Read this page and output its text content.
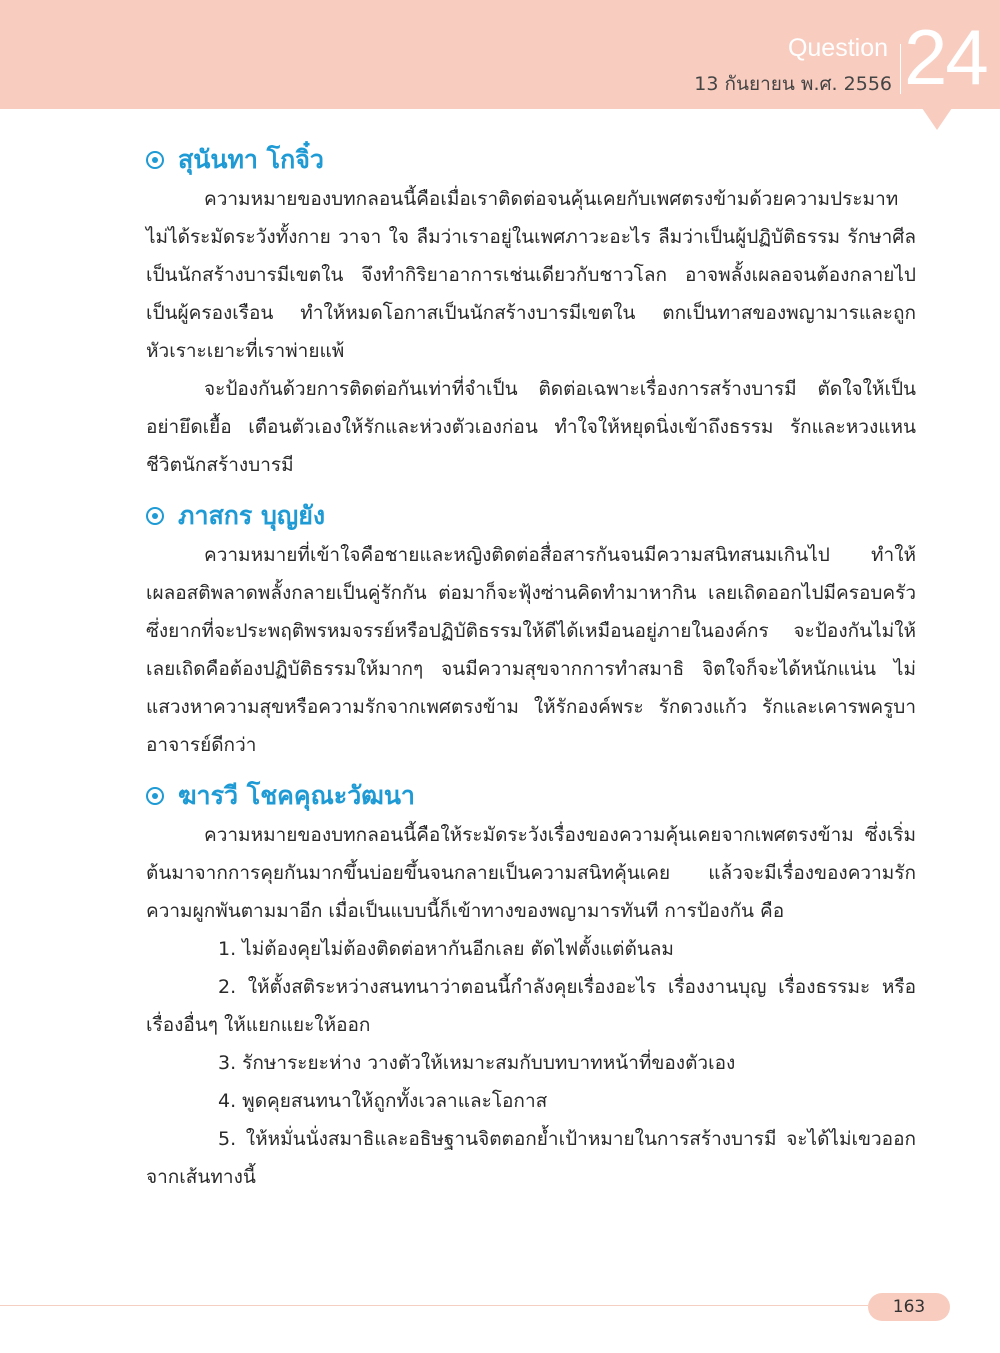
Question
13 กันยายน พ.ศ. 2556 24
สุนันทา โกจิ๋ว

ความหมายของบทกลอนนี้คือเมื่อเราติดต่อจนคุ้นเคยกับเพศตรงข้ามด้วยความประมาท ไม่ได้ระมัดระวังทั้งกาย วาจา ใจ ลืมว่าเราอยู่ในเพศภาวะอะไร ลืมว่าเป็นผู้ปฏิบัติธรรม รักษาศีล เป็นนักสร้างบารมีเขตใน จึงทำกิริยาอาการเช่นเดียวกับชาวโลก อาจพลั้งเผลอจนต้องกลายไปเป็นผู้ครองเรือน ทำให้หมดโอกาสเป็นนักสร้างบารมีเขตใน ตกเป็นทาสของพญามารและถูกหัวเราะเยาะที่เราพ่ายแพ้

จะป้องกันด้วยการติดต่อกันเท่าที่จำเป็น ติดต่อเฉพาะเรื่องการสร้างบารมี ตัดใจให้เป็น อย่ายึดเยื้อ เตือนตัวเองให้รักและห่วงตัวเองก่อน ทำใจให้หยุดนิ่งเข้าถึงธรรม รักและหวงแหนชีวิตนักสร้างบารมี

ภาสกร บุญยัง

ความหมายที่เข้าใจคือชายและหญิงติดต่อสื่อสารกันจนมีความสนิทสนมเกินไป ทำให้เผลอสติพลาดพลั้งกลายเป็นคู่รักกัน ต่อมาก็จะฟุ้งซ่านคิดทำมาหากิน เลยเถิดออกไปมีครอบครัว ซึ่งยากที่จะประพฤติพรหมจรรย์หรือปฏิบัติธรรมให้ดีได้เหมือนอยู่ภายในองค์กร จะป้องกันไม่ให้เลยเถิดคือต้องปฏิบัติธรรมให้มากๆ จนมีความสุขจากการทำสมาธิ จิตใจก็จะได้หนักแน่น ไม่แสวงหาความสุขหรือความรักจากเพศตรงข้าม ให้รักองค์พระ รักดวงแก้ว รักและเคารพครูบาอาจารย์ดีกว่า

ฆารวี โชคคุณะวัฒนา

ความหมายของบทกลอนนี้คือให้ระมัดระวังเรื่องของความคุ้นเคยจากเพศตรงข้าม ซึ่งเริ่มต้นมาจากการคุยกันมากขึ้นบ่อยขึ้นจนกลายเป็นความสนิทคุ้นเคย แล้วจะมีเรื่องของความรักความผูกพันตามมาอีก เมื่อเป็นแบบนี้ก็เข้าทางของพญามารทันที การป้องกัน คือ

1. ไม่ต้องคุยไม่ต้องติดต่อหากันอีกเลย ตัดไฟตั้งแต่ต้นลม

2. ให้ตั้งสติระหว่างสนทนาว่าตอนนี้กำลังคุยเรื่องอะไร เรื่องงานบุญ เรื่องธรรมะ หรือเรื่องอื่นๆ ให้แยกแยะให้ออก

3. รักษาระยะห่าง วางตัวให้เหมาะสมกับบทบาทหน้าที่ของตัวเอง

4. พูดคุยสนทนาให้ถูกทั้งเวลาและโอกาส

5. ให้หมั่นนั่งสมาธิและอธิษฐานจิตตอกย้ำเป้าหมายในการสร้างบารมี จะได้ไม่เขวออกจากเส้นทางนี้

163
